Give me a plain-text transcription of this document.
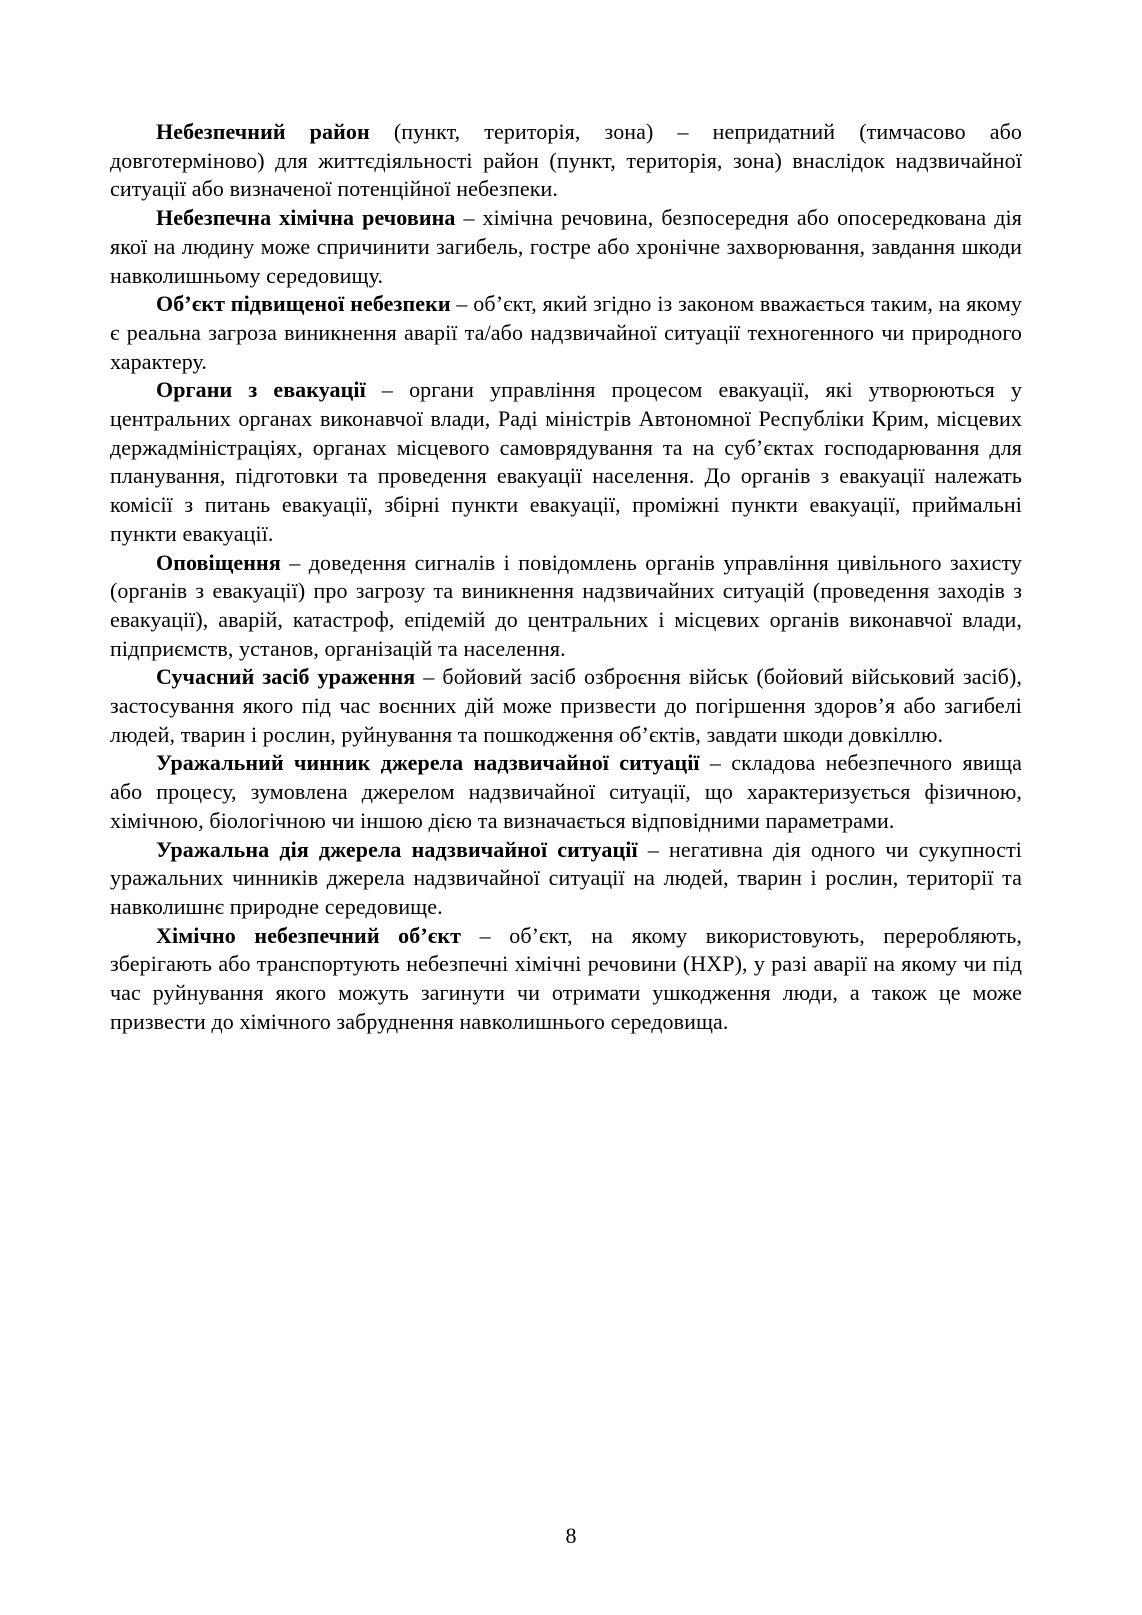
Небезпечний район (пункт, територія, зона) – непридатний (тимчасово або довготерміново) для життєдіяльності район (пункт, територія, зона) внаслідок надзвичайної ситуації або визначеної потенційної небезпеки.

Небезпечна хімічна речовина – хімічна речовина, безпосередня або опосередкована дія якої на людину може спричинити загибель, гостре або хронічне захворювання, завдання шкоди навколишньому середовищу.

Об’єкт підвищеної небезпеки – об’єкт, який згідно із законом вважається таким, на якому є реальна загроза виникнення аварії та/або надзвичайної ситуації техногенного чи природного характеру.

Органи з евакуації – органи управління процесом евакуації, які утворюються у центральних органах виконавчої влади, Раді міністрів Автономної Республіки Крим, місцевих держадміністраціях, органах місцевого самоврядування та на суб’єктах господарювання для планування, підготовки та проведення евакуації населення. До органів з евакуації належать комісії з питань евакуації, збірні пункти евакуації, проміжні пункти евакуації, приймальні пункти евакуації.

Оповіщення – доведення сигналів і повідомлень органів управління цивільного захисту (органів з евакуації) про загрозу та виникнення надзвичайних ситуацій (проведення заходів з евакуації), аварій, катастроф, епідемій до центральних і місцевих органів виконавчої влади, підприємств, установ, організацій та населення.

Сучасний засіб ураження – бойовий засіб озброєння військ (бойовий військовий засіб), застосування якого під час воєнних дій може призвести до погіршення здоров’я або загибелі людей, тварин і рослин, руйнування та пошкодження об’єктів, завдати шкоди довкіллю.

Уражальний чинник джерела надзвичайної ситуації – складова небезпечного явища або процесу, зумовлена джерелом надзвичайної ситуації, що характеризується фізичною, хімічною, біологічною чи іншою дією та визначається відповідними параметрами.

Уражальна дія джерела надзвичайної ситуації – негативна дія одного чи сукупності уражальних чинників джерела надзвичайної ситуації на людей, тварин і рослин, території та навколишнє природне середовище.

Хімічно небезпечний об’єкт – об’єкт, на якому використовують, переробляють, зберігають або транспортують небезпечні хімічні речовини (НХР), у разі аварії на якому чи під час руйнування якого можуть загинути чи отримати ушкодження люди, а також це може призвести до хімічного забруднення навколишнього середовища.

8
